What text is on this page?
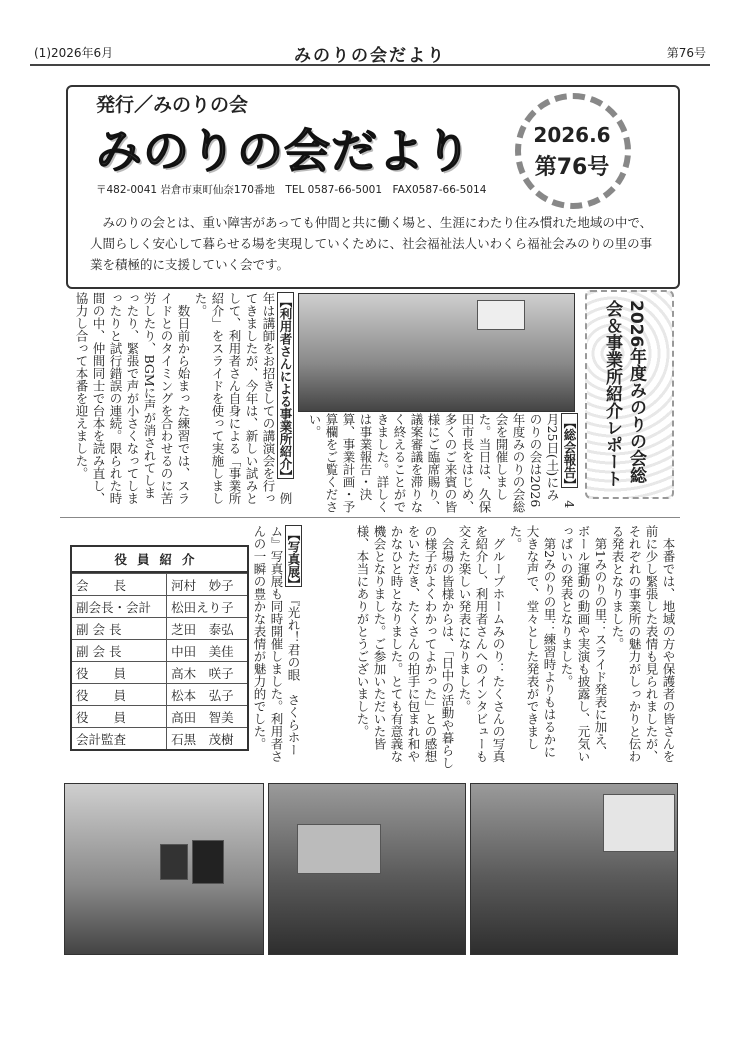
(1)2026年6月	みのりの会だより	第76号
発行／みのりの会
みのりの会だより
〒482-0041 岩倉市東町仙奈170番地　TEL 0587-66-5001　FAX0587-66-5014
2026.6
第76号
　みのりの会とは、重い障害があっても仲間と共に働く場と、生涯にわたり住み慣れた地域の中で、人間らしく安心して暮らせる場を実現していくために、社会福祉法人いわくら福祉会みのりの里の事業を積極的に支援していく会です。
【利用者さんによる事業所紹介】　例年は講師をお招きしての講演会を行ってきましたが、今年は、新しい試みとして、利用者さん自身による「事業所紹介」をスライドを使って実施しました。
　数日前から始まった練習では、スライドとのタイミングを合わせるのに苦労したり、BGMに声が消されてしまったり、緊張で声が小さくなってしまったりと試行錯誤の連続。限られた時間の中、仲間同士で台本を読み直し、協力し合って本番を迎えました。	【総会報告】　4月25日(土)にみのりの会は2026年度みのりの会総会を開催しました。当日は、久保田市長をはじめ、多くのご来賓の皆様にご臨席賜り、議案審議を滞りなく終えることができました。詳しくは事業報告・決算、事業計画・予算欄をご覧ください。	2026年度みのりの会総会＆事業所紹介レポート
　本番では、地域の方や保護者の皆さんを前に少し緊張した表情も見られましたが、それぞれの事業所の魅力がしっかりと伝わる発表となりました。
　第1みのりの里：スライド発表に加え、ボール運動の動画や実演も披露し、元気いっぱいの発表となりました。
　第2みのりの里：練習時よりもはるかに大きな声で、堂々とした発表ができました。
　グループホームみのり：たくさんの写真を紹介し、利用者さんへのインタビューも交えた楽しい発表になりました。
　会場の皆様からは、「日中の活動や暮らしの様子がよくわかってよかった」との感想をいただき、たくさんの拍手に包まれ和やかなひと時となりました。とても有意義な機会となりました。ご参加いただいた皆様、本当にありがとうございました。
【写真展】　『光れ！君の眼　さくらホーム』写真展も同時開催しました。利用者さんの一瞬の豊かな表情が魅力的でした。
役員紹介
会　　長	河村　妙子
副会長・会計	松田えり子
副 会 長	芝田　泰弘
副 会 長	中田　美佳
役　　員	高木　咲子
役　　員	松本　弘子
役　　員	高田　智美
会計監査	石黒　茂樹
